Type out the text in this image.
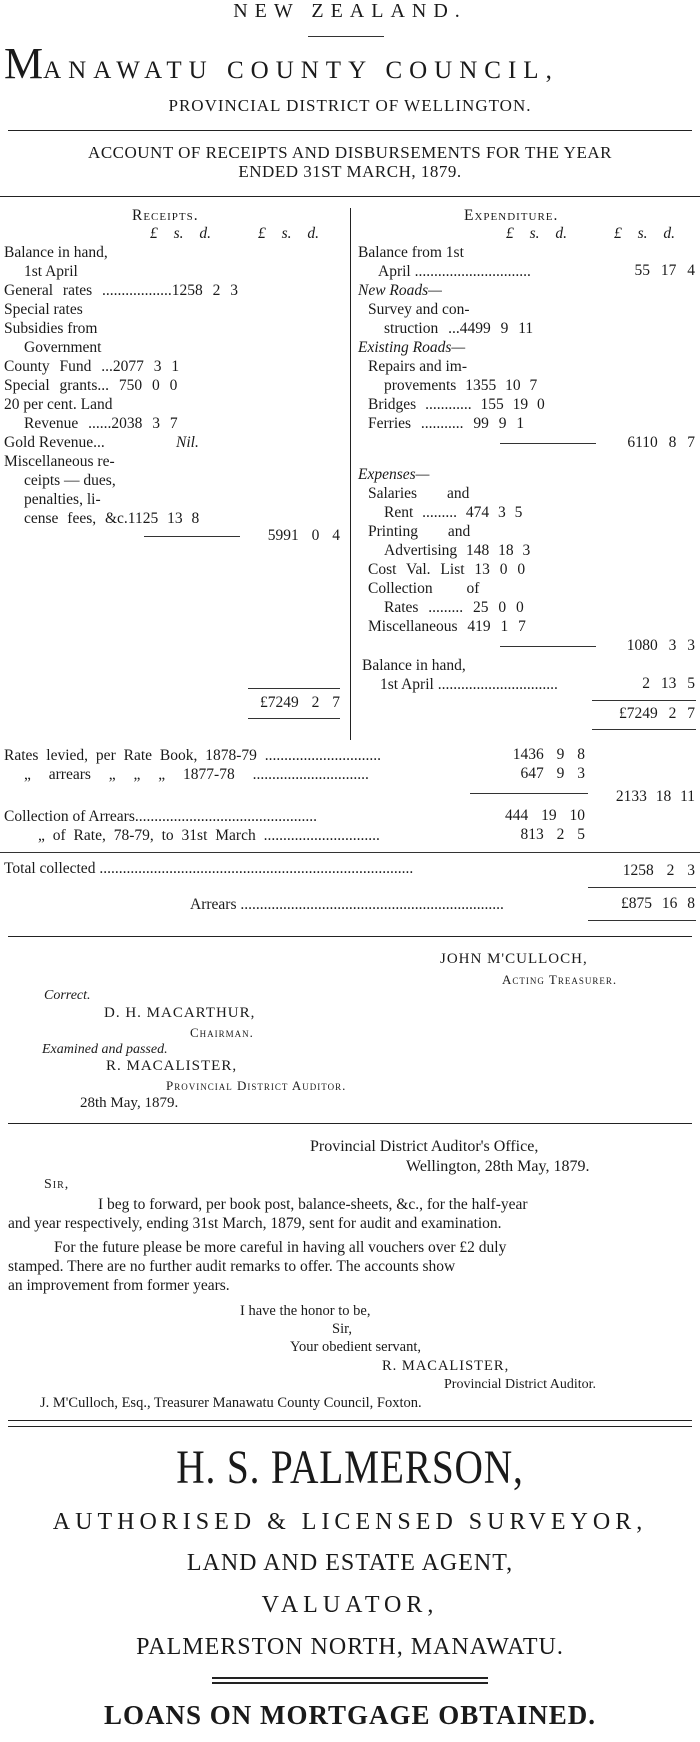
NEW ZEALAND.
MANAWATU COUNTY COUNCIL,
PROVINCIAL DISTRICT OF WELLINGTON.
ACCOUNT OF RECEIPTS AND DISBURSEMENTS FOR THE YEAR
ENDED 31ST MARCH, 1879.
Receipts.
£ s. d.	£ s. d.
Balance in hand,
1st April
General rates ..................1258 2 3
Special rates
Subsidies from
Government
County Fund ...2077 3 1
Special grants... 750 0 0
20 per cent. Land
Revenue ......2038 3 7
Gold Revenue...	Nil.
Miscellaneous re-
ceipts — dues,
penalties, li-
cense fees, &c.1125 13 8
5991 0 4
£7249 2 7
Expenditure.
£ s. d.	£ s. d.
Balance from 1st
April ..............................	55 17 4
New Roads—
Survey and con-
struction ...4499 9 11
Existing Roads—
Repairs and im-
provements 1355 10 7
Bridges ............ 155 19 0
Ferries ........... 99 9 1
6110 8 7
Expenses—
Salaries and
Rent ......... 474 3 5
Printing and
Advertising 148 18 3
Cost Val. List 13 0 0
Collection of
Rates ......... 25 0 0
Miscellaneous 419 1 7
1080 3 3
Balance in hand,
1st April ...............................	2 13 5
£7249 2 7
Rates levied, per Rate Book, 1878-79 ..............................	1436 9 8
„ arrears „ „ „ 1877-78 ..............................	647 9 3
2133 18 11
Collection of Arrears...............................................	444 19 10
„ of Rate, 78-79, to 31st March ..............................	813 2 5
Total collected .................................................................................	1258 2 3
Arrears ....................................................................	£875 16 8
JOHN M'CULLOCH,
Acting Treasurer.
Correct.
D. H. MACARTHUR,
Chairman.
Examined and passed.
R. MACALISTER,
Provincial District Auditor.
28th May, 1879.
Provincial District Auditor's Office,
Wellington, 28th May, 1879.
Sir,
I beg to forward, per book post, balance-sheets, &c., for the half-year
and year respectively, ending 31st March, 1879, sent for audit and examination.
For the future please be more careful in having all vouchers over £2 duly
stamped. There are no further audit remarks to offer. The accounts show
an improvement from former years.
I have the honor to be,
Sir,
Your obedient servant,
R. MACALISTER,
Provincial District Auditor.
J. M'Culloch, Esq., Treasurer Manawatu County Council, Foxton.
H. S. PALMERSON,
AUTHORISED & LICENSED SURVEYOR,
LAND AND ESTATE AGENT,
VALUATOR,
PALMERSTON NORTH, MANAWATU.
LOANS ON MORTGAGE OBTAINED.
